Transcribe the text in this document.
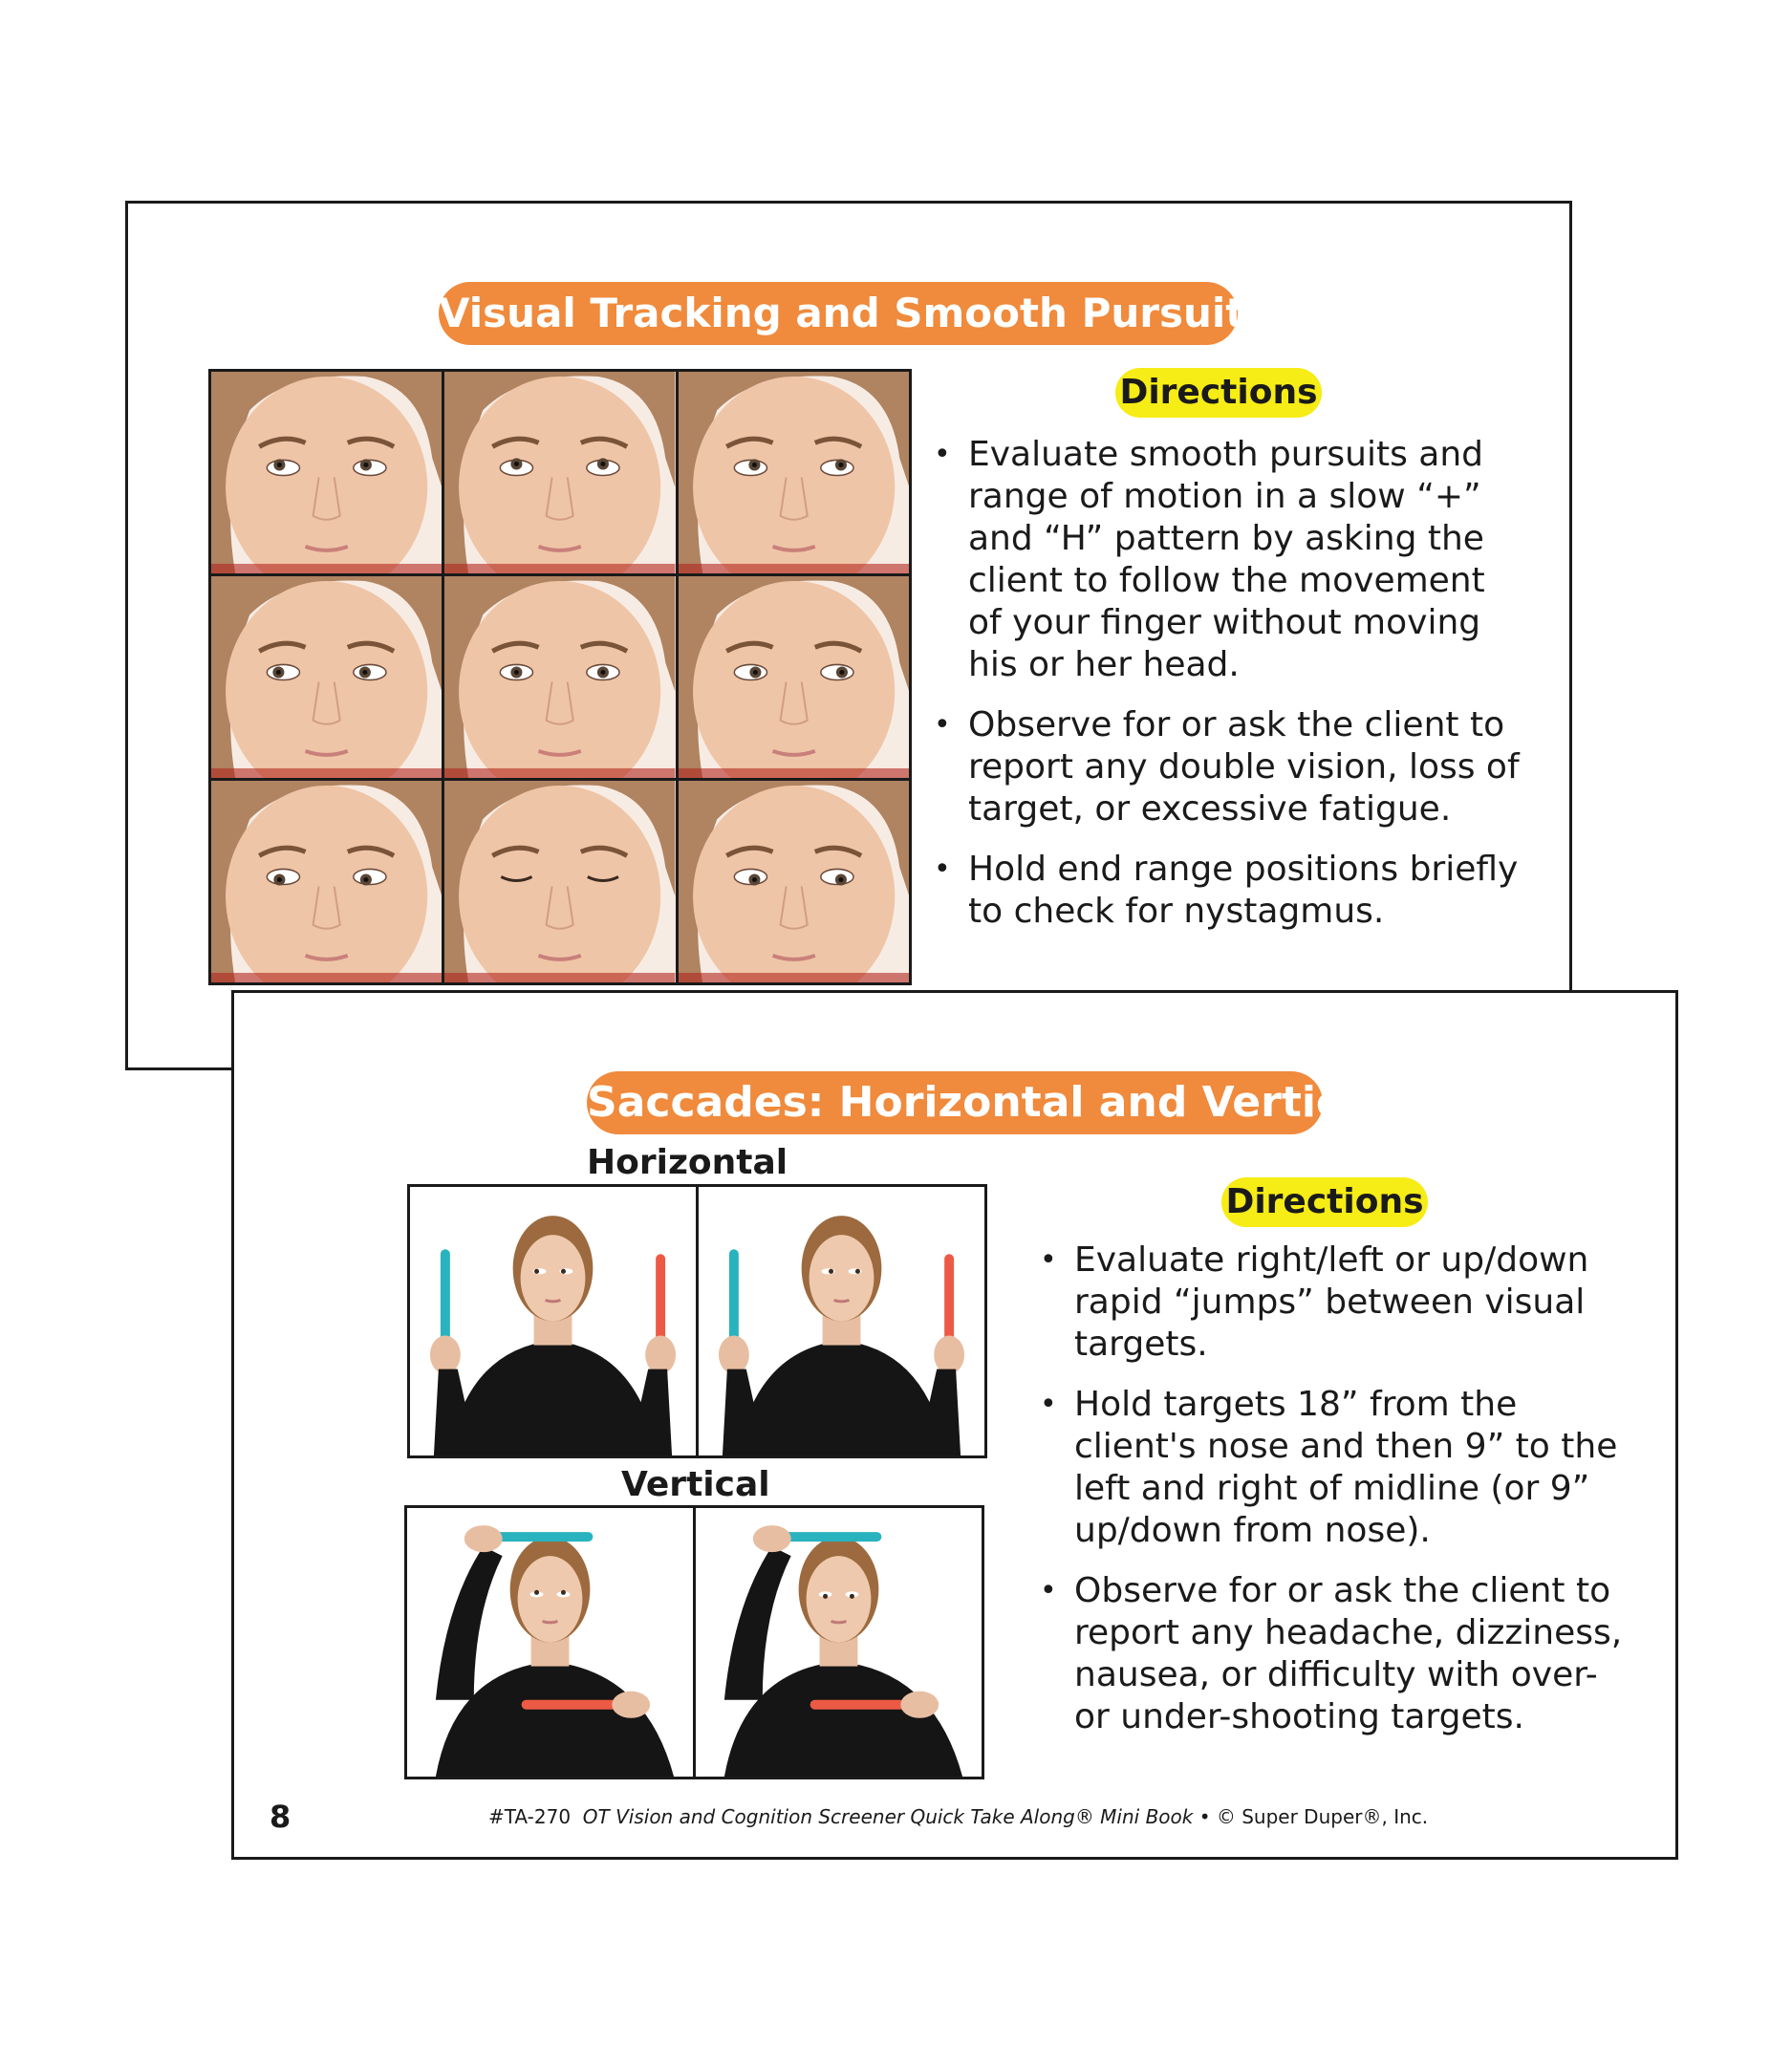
Visual Tracking and Smooth Pursuits
Directions
• Evaluate smooth pursuits and range of motion in a slow “+” and “H” pattern by asking the client to follow the movement of your finger without moving his or her head.
• Observe for or ask the client to report any double vision, loss of target, or excessive fatigue.
• Hold end range positions briefly to check for nystagmus.
Saccades: Horizontal and Vertical
Horizontal
Vertical
Directions
• Evaluate right/left or up/down rapid “jumps” between visual targets.
• Hold targets 18” from the client's nose and then 9” to the left and right of midline (or 9” up/down from nose).
• Observe for or ask the client to report any headache, dizziness, nausea, or difficulty with over- or under-shooting targets.
8	#TA-270 OT Vision and Cognition Screener Quick Take Along® Mini Book • © Super Duper®, Inc.
